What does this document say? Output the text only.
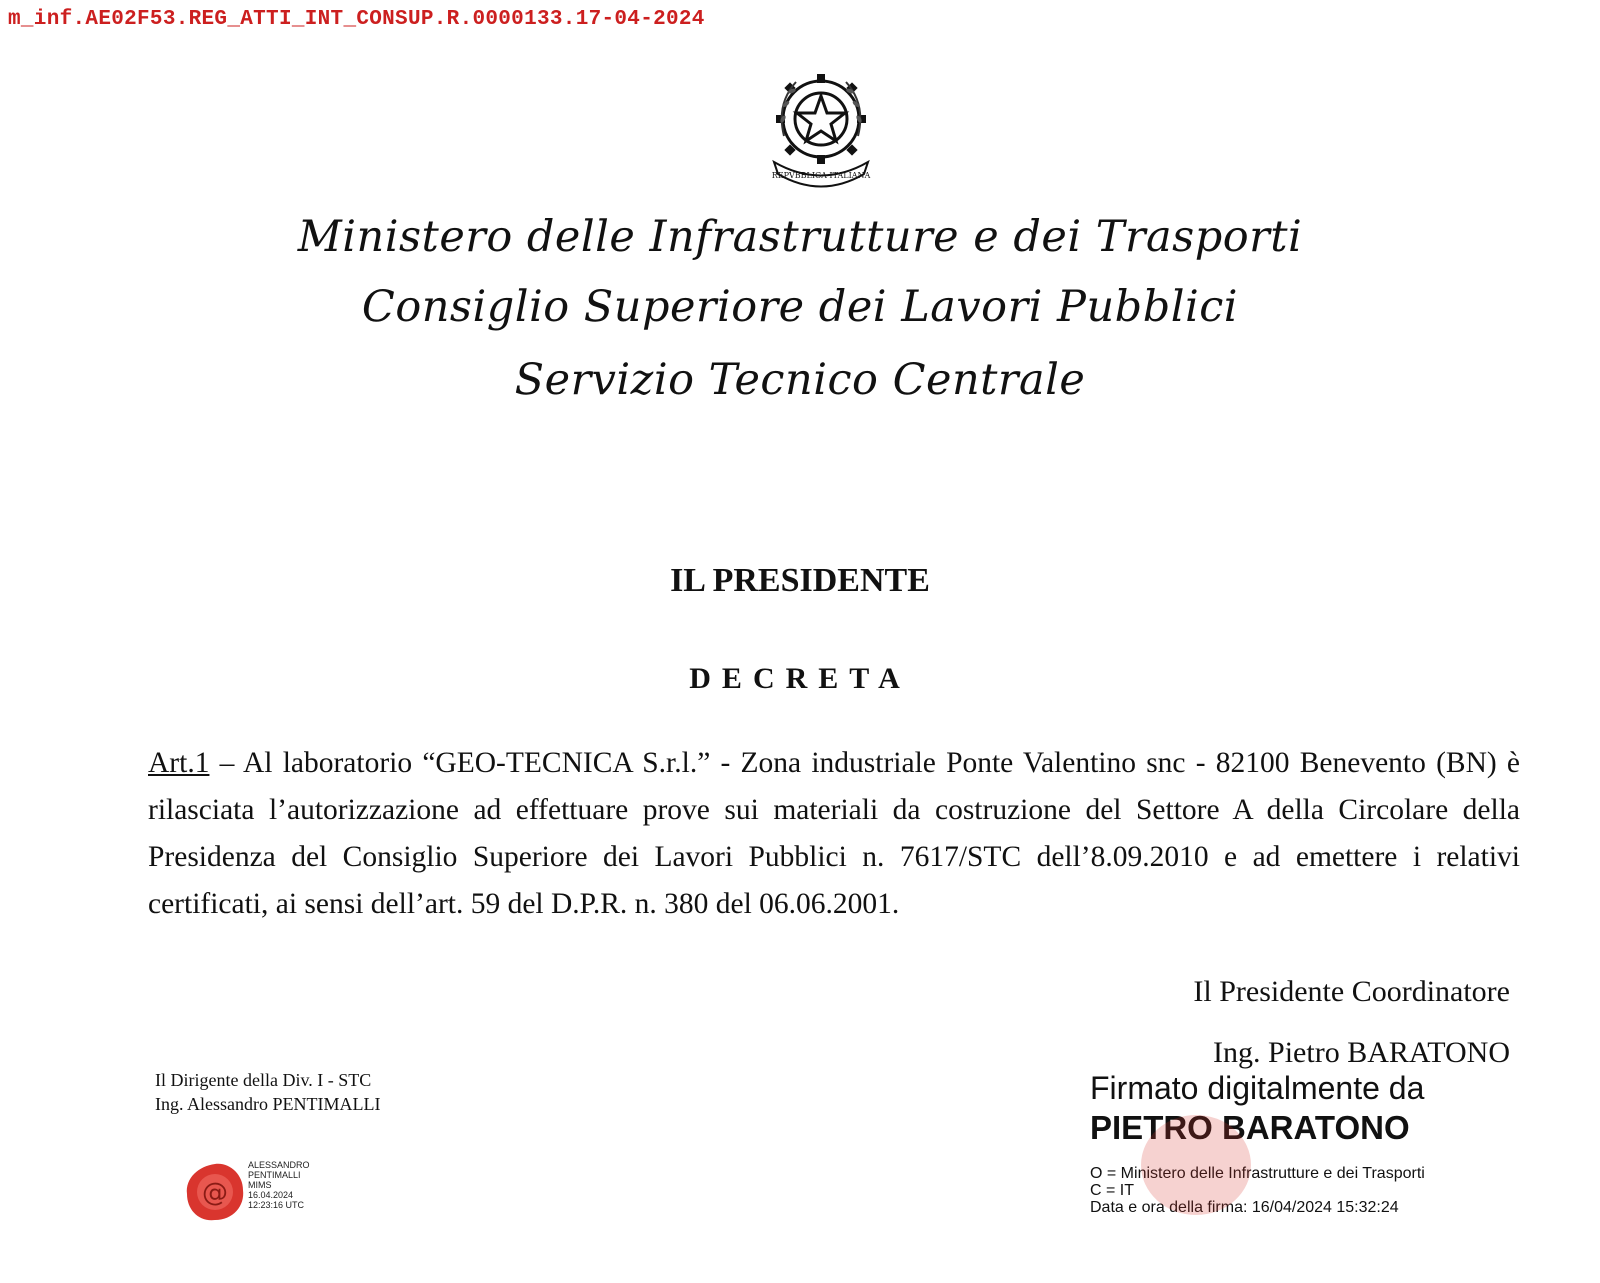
m_inf.AE02F53.REG_ATTI_INT_CONSUP.R.0000133.17-04-2024
REPVBBLICA ITALIANA
Ministero delle Infrastrutture e dei Trasporti
Consiglio Superiore dei Lavori Pubblici
Servizio Tecnico Centrale
IL PRESIDENTE
DECRETA
Art.1 – Al laboratorio “GEO-TECNICA S.r.l.” - Zona industriale Ponte Valentino snc - 82100 Benevento (BN) è rilasciata l’autorizzazione ad effettuare prove sui materiali da costruzione del Settore A della Circolare della Presidenza del Consiglio Superiore dei Lavori Pubblici n. 7617/STC dell’8.09.2010 e ad emettere i relativi certificati, ai sensi dell’art. 59 del D.P.R. n. 380 del 06.06.2001.
Il Presidente Coordinatore
Ing. Pietro BARATONO
Firmato digitalmente da
PIETRO BARATONO
O = Ministero delle Infrastrutture e dei Trasporti
C = IT
Data e ora della firma: 16/04/2024 15:32:24
Il Dirigente della Div. I - STC
Ing. Alessandro PENTIMALLI
@
ALESSANDRO
PENTIMALLI
MIMS
16.04.2024
12:23:16 UTC
